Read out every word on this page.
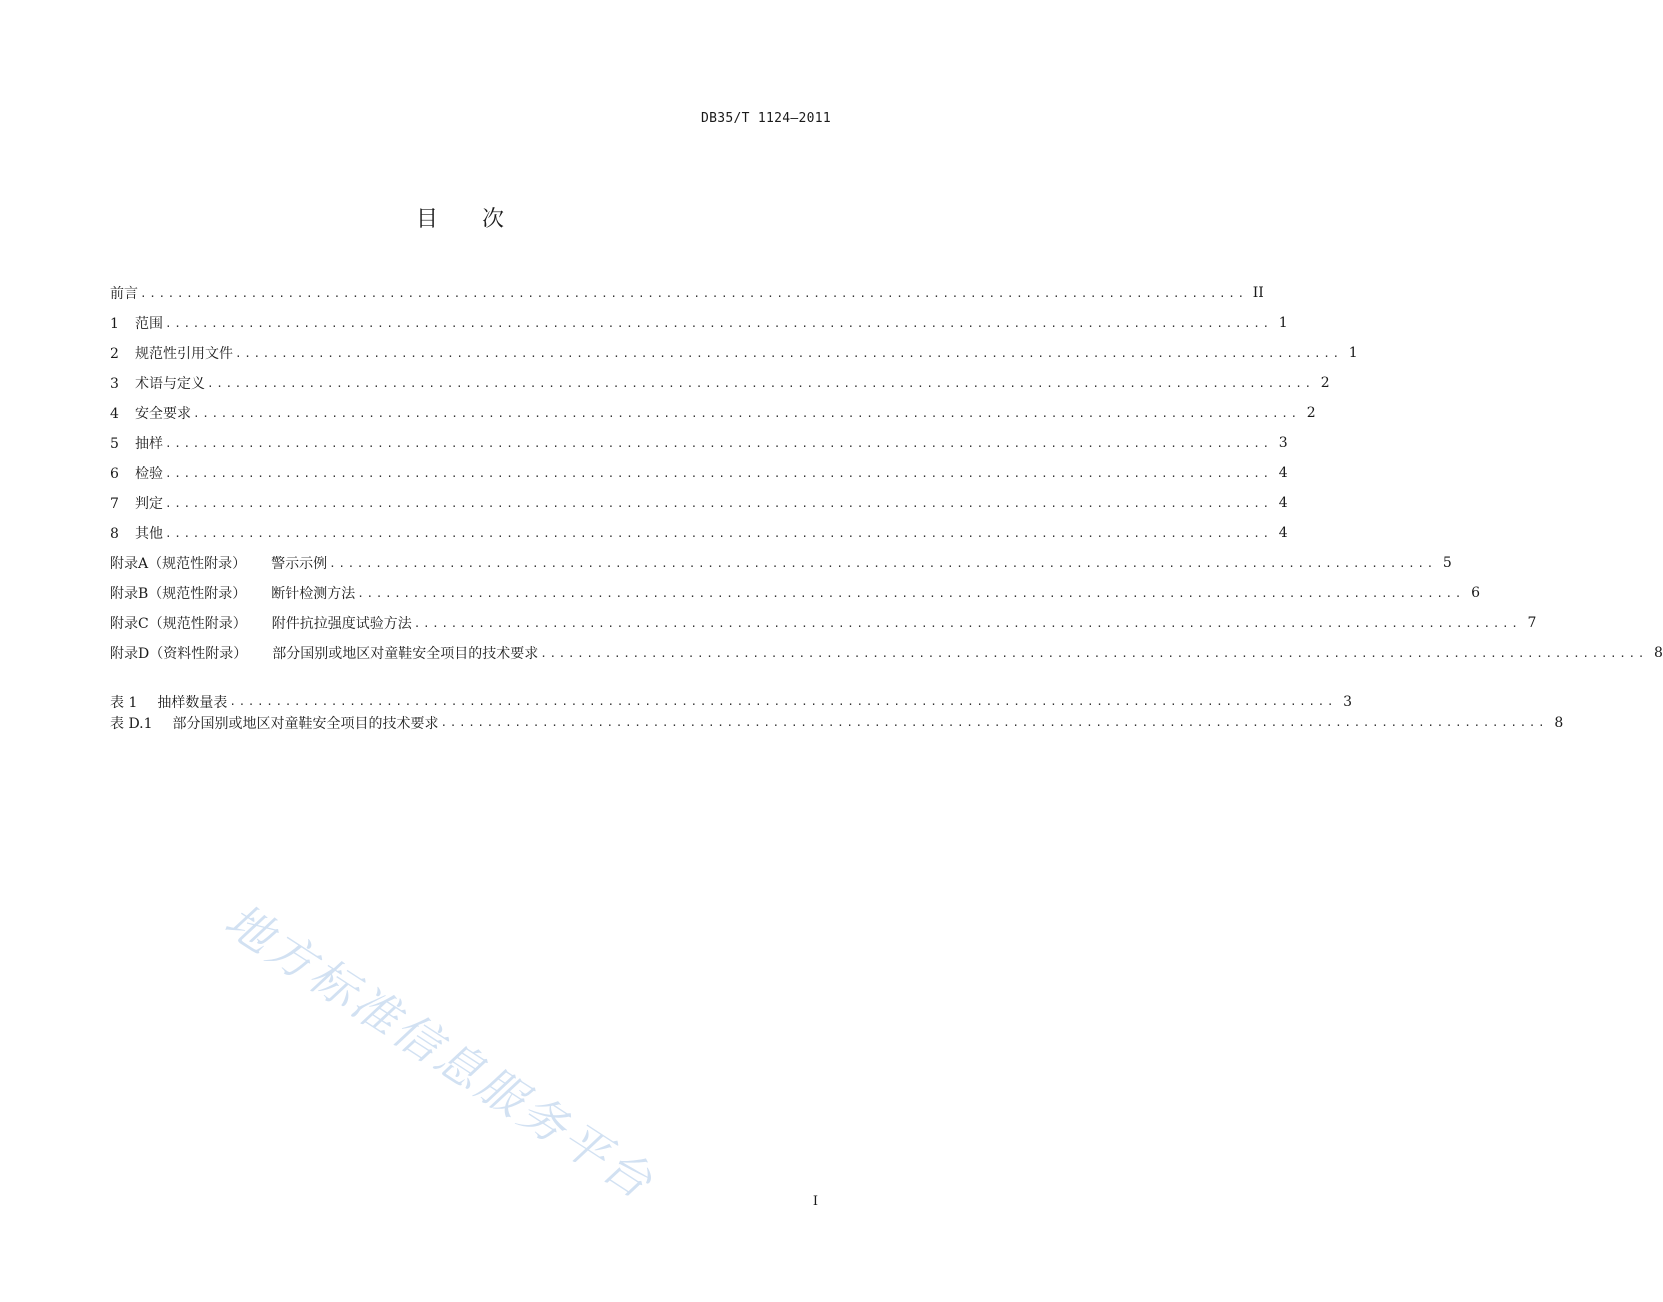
DB35/T 1124—2011
目次
前言 ........................................................................................................................ II
1 范围 ........................................................................................................................ 1
2 规范性引用文件 ........................................................................................................................ 1
3 术语与定义 ........................................................................................................................ 2
4 安全要求 ........................................................................................................................ 2
5 抽样 ........................................................................................................................ 3
6 检验 ........................................................................................................................ 4
7 判定 ........................................................................................................................ 4
8 其他 ........................................................................................................................ 4
附录A（规范性附录） 警示示例 ........................................................................................................................ 5
附录B（规范性附录） 断针检测方法 ........................................................................................................................ 6
附录C（规范性附录） 附件抗拉强度试验方法 ........................................................................................................................ 7
附录D（资料性附录） 部分国别或地区对童鞋安全项目的技术要求 ........................................................................................................................ 8
表 1 抽样数量表 ........................................................................................................................ 3
表 D.1 部分国别或地区对童鞋安全项目的技术要求 ........................................................................................................................ 8
地方标准信息服务平台	I
